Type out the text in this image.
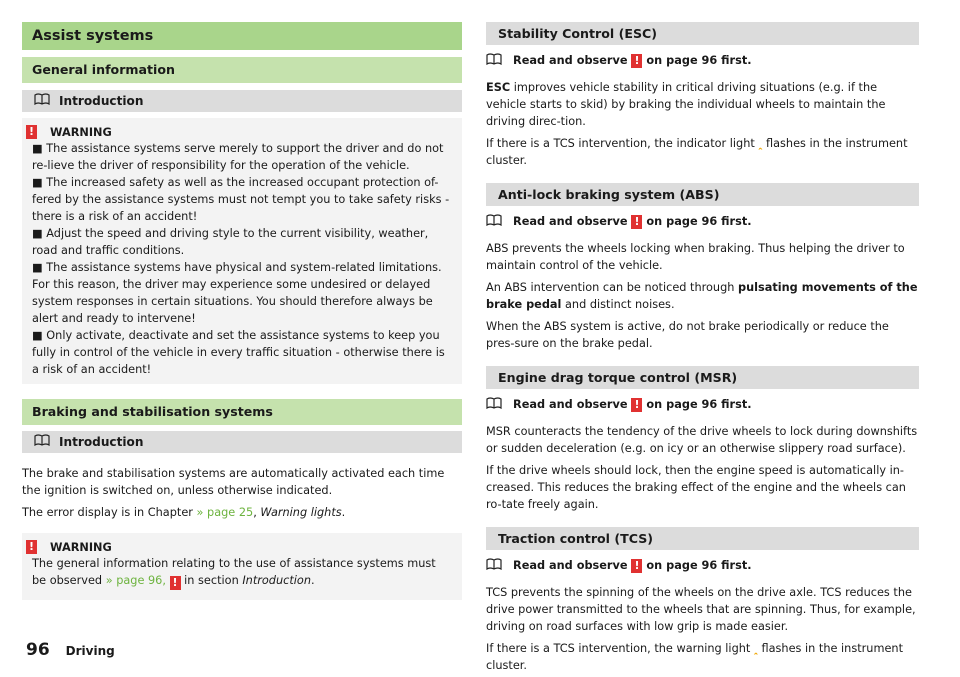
Assist systems
General information
Introduction
! WARNING

■ The assistance systems serve merely to support the driver and do not re-lieve the driver of responsibility for the operation of the vehicle.

■ The increased safety as well as the increased occupant protection of-fered by the assistance systems must not tempt you to take safety risks - there is a risk of an accident!

■ Adjust the speed and driving style to the current visibility, weather, road and traffic conditions.

■ The assistance systems have physical and system-related limitations. For this reason, the driver may experience some undesired or delayed system responses in certain situations. You should therefore always be alert and ready to intervene!

■ Only activate, deactivate and set the assistance systems to keep you fully in control of the vehicle in every traffic situation - otherwise there is a risk of an accident!

Braking and stabilisation systems
Introduction

The brake and stabilisation systems are automatically activated each time the ignition is switched on, unless otherwise indicated.

The error display is in Chapter » page 25, Warning lights.

! WARNING

The general information relating to the use of assistance systems must be observed » page 96, ! in section Introduction.

Stability Control (ESC)
Read and observe
!
on page 96 first.

ESC improves vehicle stability in critical driving situations (e.g. if the vehicle starts to skid) by braking the individual wheels to maintain the driving direc-tion.

If there is a TCS intervention, the indicator light ꞈ flashes in the instrument cluster.

Anti-lock braking system (ABS)
Read and observe
!
on page 96 first.

ABS prevents the wheels locking when braking. Thus helping the driver to maintain control of the vehicle.

An ABS intervention can be noticed through pulsating movements of the brake pedal and distinct noises.

When the ABS system is active, do not brake periodically or reduce the pres-sure on the brake pedal.

Engine drag torque control (MSR)
Read and observe
!
on page 96 first.

MSR counteracts the tendency of the drive wheels to lock during downshifts or sudden deceleration (e.g. on icy or an otherwise slippery road surface).

If the drive wheels should lock, then the engine speed is automatically in-creased. This reduces the braking effect of the engine and the wheels can ro-tate freely again.

Traction control (TCS)
Read and observe
!
on page 96 first.

TCS prevents the spinning of the wheels on the drive axle. TCS reduces the drive power transmitted to the wheels that are spinning. Thus, for example, driving on road surfaces with low grip is made easier.

If there is a TCS intervention, the warning light ꞈ flashes in the instrument cluster.

96 Driving
